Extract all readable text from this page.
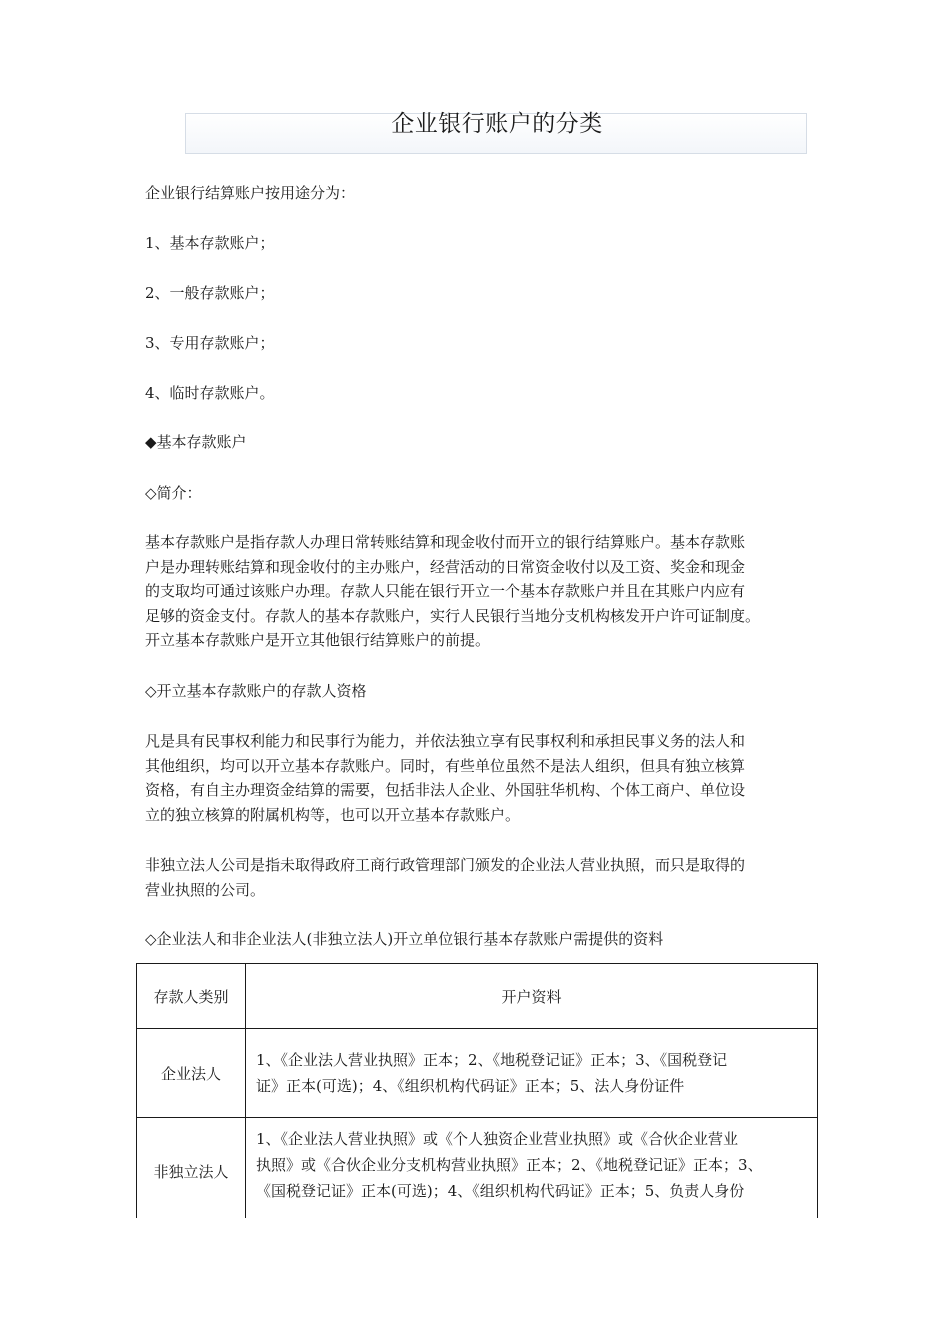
企业银行账户的分类

企业银行结算账户按用途分为：

1、基本存款账户；

2、一般存款账户；

3、专用存款账户；

4、临时存款账户。

◆基本存款账户

◇简介：

基本存款账户是指存款人办理日常转账结算和现金收付而开立的银行结算账户。基本存款账
户是办理转账结算和现金收付的主办账户，经营活动的日常资金收付以及工资、奖金和现金
的支取均可通过该账户办理。存款人只能在银行开立一个基本存款账户并且在其账户内应有
足够的资金支付。存款人的基本存款账户，实行人民银行当地分支机构核发开户许可证制度。
开立基本存款账户是开立其他银行结算账户的前提。

◇开立基本存款账户的存款人资格

凡是具有民事权利能力和民事行为能力，并依法独立享有民事权利和承担民事义务的法人和
其他组织，均可以开立基本存款账户。同时，有些单位虽然不是法人组织，但具有独立核算
资格，有自主办理资金结算的需要，包括非法人企业、外国驻华机构、个体工商户、单位设
立的独立核算的附属机构等，也可以开立基本存款账户。
非独立法人公司是指未取得政府工商行政管理部门颁发的企业法人营业执照，而只是取得的
营业执照的公司。

◇企业法人和非企业法人(非独立法人)开立单位银行基本存款账户需提供的资料

存款人类别	开户资料
企业法人	1、《企业法人营业执照》正本；2、《地税登记证》正本；3、《国税登记
证》正本(可选)；4、《组织机构代码证》正本；5、法人身份证件

非独立法人	1、《企业法人营业执照》或《个人独资企业营业执照》或《合伙企业营业
执照》或《合伙企业分支机构营业执照》正本；2、《地税登记证》正本；3、
《国税登记证》正本(可选)；4、《组织机构代码证》正本；5、负责人身份
